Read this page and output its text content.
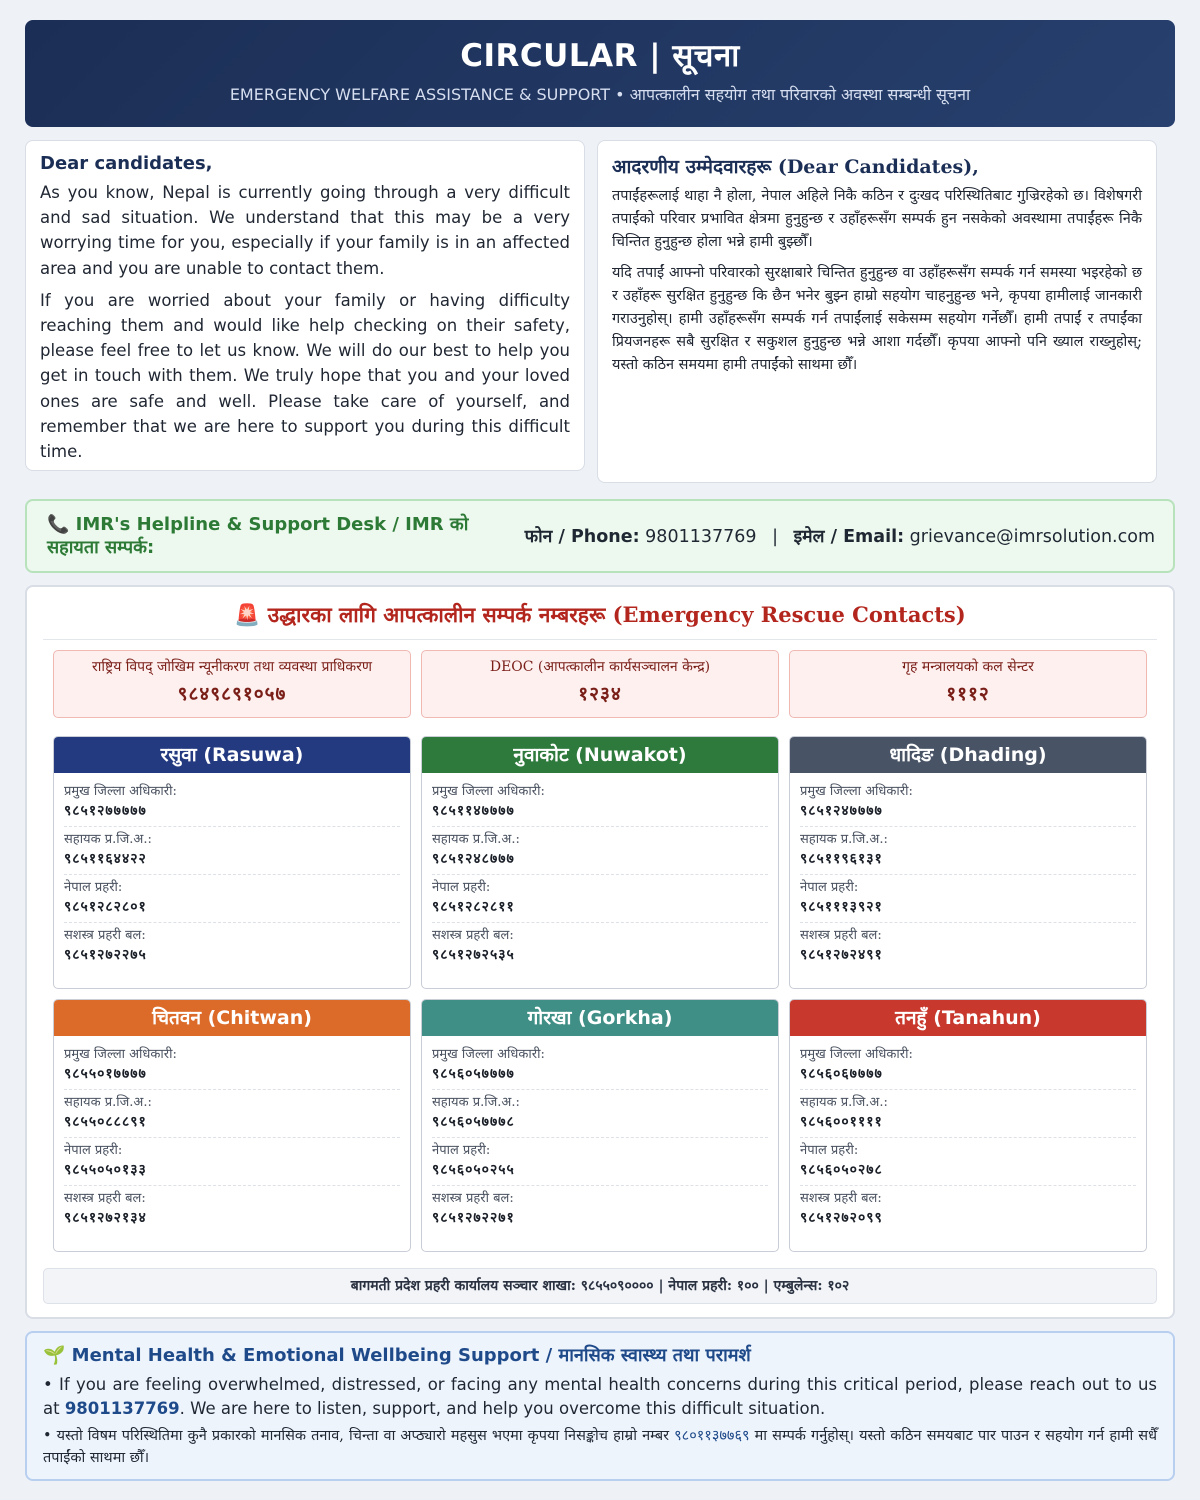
CIRCULAR | सूचना
EMERGENCY WELFARE ASSISTANCE & SUPPORT • आपत्कालीन सहयोग तथा परिवारको अवस्था सम्बन्धी सूचना
Dear candidates,

As you know, Nepal is currently going through a very difficult and sad situation. We understand that this may be a very worrying time for you, especially if your family is in an affected area and you are unable to contact them.

If you are worried about your family or having difficulty reaching them and would like help checking on their safety, please feel free to let us know. We will do our best to help you get in touch with them. We truly hope that you and your loved ones are safe and well. Please take care of yourself, and remember that we are here to support you during this difficult time.

आदरणीय उम्मेदवारहरू (Dear Candidates),

तपाईंहरूलाई थाहा नै होला, नेपाल अहिले निकै कठिन र दुःखद परिस्थितिबाट गुज्रिरहेको छ। विशेषगरी तपाईंको परिवार प्रभावित क्षेत्रमा हुनुहुन्छ र उहाँहरूसँग सम्पर्क हुन नसकेको अवस्थामा तपाईंहरू निकै चिन्तित हुनुहुन्छ होला भन्ने हामी बुझ्छौँ।

यदि तपाईं आफ्नो परिवारको सुरक्षाबारे चिन्तित हुनुहुन्छ वा उहाँहरूसँग सम्पर्क गर्न समस्या भइरहेको छ र उहाँहरू सुरक्षित हुनुहुन्छ कि छैन भनेर बुझ्न हाम्रो सहयोग चाहनुहुन्छ भने, कृपया हामीलाई जानकारी गराउनुहोस्। हामी उहाँहरूसँग सम्पर्क गर्न तपाईंलाई सकेसम्म सहयोग गर्नेछौँ। हामी तपाईं र तपाईंका प्रियजनहरू सबै सुरक्षित र सकुशल हुनुहुन्छ भन्ने आशा गर्दछौँ। कृपया आफ्नो पनि ख्याल राख्नुहोस्; यस्तो कठिन समयमा हामी तपाईंको साथमा छौँ।

📞 IMR's Helpline & Support Desk / IMR को सहायता सम्पर्क:	फोन / Phone: 9801137769 | इमेल / Email: grievance@imrsolution.com
🚨 उद्धारका लागि आपत्कालीन सम्पर्क नम्बरहरू (Emergency Rescue Contacts)
राष्ट्रिय विपद् जोखिम न्यूनीकरण तथा व्यवस्था प्राधिकरण
९८४९८९१०५७
DEOC (आपत्कालीन कार्यसञ्चालन केन्द्र)
१२३४
गृह मन्त्रालयको कल सेन्टर
१११२
रसुवा (Rasuwa)
प्रमुख जिल्ला अधिकारी:
९८५१२७७७७७
सहायक प्र.जि.अ.:
९८५११६४४२२
नेपाल प्रहरी:
९८५१२८२८०१
सशस्त्र प्रहरी बल:
९८५१२७२२७५
नुवाकोट (Nuwakot)
प्रमुख जिल्ला अधिकारी:
९८५११४७७७७
सहायक प्र.जि.अ.:
९८५१२४८७७७
नेपाल प्रहरी:
९८५१२८२८११
सशस्त्र प्रहरी बल:
९८५१२७२५३५
धादिङ (Dhading)
प्रमुख जिल्ला अधिकारी:
९८५१२४७७७७
सहायक प्र.जि.अ.:
९८५११९६१३१
नेपाल प्रहरी:
९८५१११३९२१
सशस्त्र प्रहरी बल:
९८५१२७२४९१
चितवन (Chitwan)
प्रमुख जिल्ला अधिकारी:
९८५५०१७७७७
सहायक प्र.जि.अ.:
९८५५०८८८९१
नेपाल प्रहरी:
९८५५०५०१३३
सशस्त्र प्रहरी बल:
९८५१२७२१३४
गोरखा (Gorkha)
प्रमुख जिल्ला अधिकारी:
९८५६०५७७७७
सहायक प्र.जि.अ.:
९८५६०५७७७८
नेपाल प्रहरी:
९८५६०५०२५५
सशस्त्र प्रहरी बल:
९८५१२७२२७१
तनहुँ (Tanahun)
प्रमुख जिल्ला अधिकारी:
९८५६०६७७७७
सहायक प्र.जि.अ.:
९८५६००११११
नेपाल प्रहरी:
९८५६०५०२७८
सशस्त्र प्रहरी बल:
९८५१२७२०९९
बागमती प्रदेश प्रहरी कार्यालय सञ्चार शाखा: ९८५५०९०००० | नेपाल प्रहरी: १०० | एम्बुलेन्स: १०२
🌱 Mental Health & Emotional Wellbeing Support / मानसिक स्वास्थ्य तथा परामर्श

• If you are feeling overwhelmed, distressed, or facing any mental health concerns during this critical period, please reach out to us at 9801137769. We are here to listen, support, and help you overcome this difficult situation.

• यस्तो विषम परिस्थितिमा कुनै प्रकारको मानसिक तनाव, चिन्ता वा अप्ठ्यारो महसुस भएमा कृपया निसङ्कोच हाम्रो नम्बर ९८०११३७७६९ मा सम्पर्क गर्नुहोस्। यस्तो कठिन समयबाट पार पाउन र सहयोग गर्न हामी सधैँ तपाईंको साथमा छौँ।
